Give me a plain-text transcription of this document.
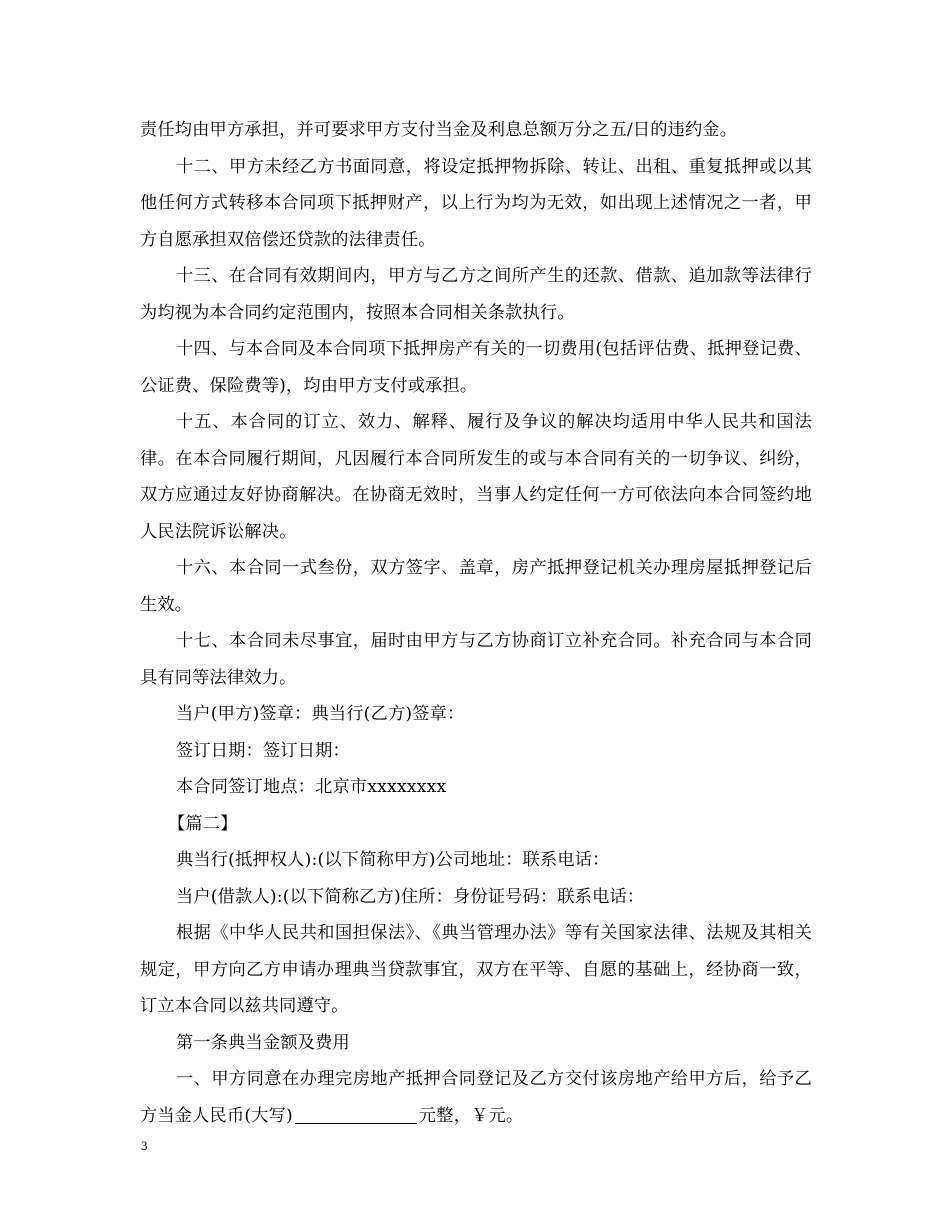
责任均由甲方承担，并可要求甲方支付当金及利息总额万分之五/日的违约金。

十二、甲方未经乙方书面同意，将设定抵押物拆除、转让、出租、重复抵押或以其他任何方式转移本合同项下抵押财产，以上行为均为无效，如出现上述情况之一者，甲方自愿承担双倍偿还贷款的法律责任。

十三、在合同有效期间内，甲方与乙方之间所产生的还款、借款、追加款等法律行为均视为本合同约定范围内，按照本合同相关条款执行。

十四、与本合同及本合同项下抵押房产有关的一切费用(包括评估费、抵押登记费、公证费、保险费等)，均由甲方支付或承担。

十五、本合同的订立、效力、解释、履行及争议的解决均适用中华人民共和国法律。在本合同履行期间，凡因履行本合同所发生的或与本合同有关的一切争议、纠纷，双方应通过友好协商解决。在协商无效时，当事人约定任何一方可依法向本合同签约地人民法院诉讼解决。

十六、本合同一式叁份，双方签字、盖章，房产抵押登记机关办理房屋抵押登记后生效。

十七、本合同未尽事宜，届时由甲方与乙方协商订立补充合同。补充合同与本合同具有同等法律效力。

当户(甲方)签章：典当行(乙方)签章：

签订日期：签订日期：

本合同签订地点：北京市xxxxxxxx

【篇二】

典当行(抵押权人):(以下简称甲方)公司地址：联系电话：

当户(借款人):(以下简称乙方)住所：身份证号码：联系电话：

根据《中华人民共和国担保法》、《典当管理办法》等有关国家法律、法规及其相关规定，甲方向乙方申请办理典当贷款事宜，双方在平等、自愿的基础上，经协商一致，订立本合同以兹共同遵守。

第一条典当金额及费用

一、甲方同意在办理完房地产抵押合同登记及乙方交付该房地产给甲方后，给予乙方当金人民币(大写)	元整，￥元。

3
